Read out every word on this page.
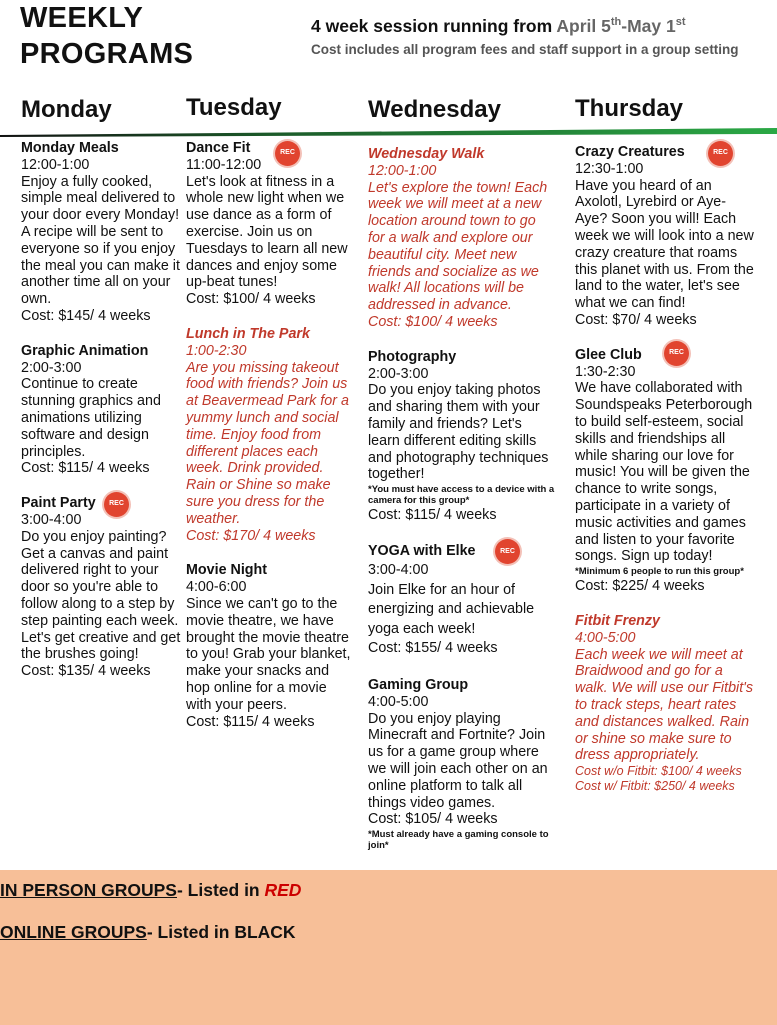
WEEKLY
PROGRAMS
4 week session running from April 5th-May 1st
Cost includes all program fees and staff support in a group setting
Monday	Tuesday	Wednesday	Thursday
Monday Meals
12:00-1:00
Enjoy a fully cooked, simple meal delivered to your door every Monday! A recipe will be sent to everyone so if you enjoy the meal you can make it another time all on your own.
Cost: $145/ 4 weeks
Graphic Animation
2:00-3:00
Continue to create stunning graphics and animations utilizing software and design principles.
Cost: $115/ 4 weeks
Paint Party	REC
3:00-4:00
Do you enjoy painting? Get a canvas and paint delivered right to your door so you're able to follow along to a step by step painting each week. Let's get creative and get the brushes going!
Cost: $135/ 4 weeks
Dance Fit	REC
11:00-12:00
Let's look at fitness in a whole new light when we use dance as a form of exercise. Join us on Tuesdays to learn all new dances and enjoy some up-beat tunes!
Cost: $100/ 4 weeks
Lunch in The Park
1:00-2:30
Are you missing takeout food with friends? Join us at Beavermead Park for a yummy lunch and social time. Enjoy food from different places each week. Drink provided. Rain or Shine so make sure you dress for the weather.
Cost: $170/ 4 weeks
Movie Night
4:00-6:00
Since we can't go to the movie theatre, we have brought the movie theatre to you! Grab your blanket, make your snacks and hop online for a movie with your peers.
Cost: $115/ 4 weeks
Wednesday Walk
12:00-1:00
Let's explore the town! Each week we will meet at a new location around town to go for a walk and explore our beautiful city. Meet new friends and socialize as we walk! All locations will be addressed in advance.
Cost: $100/ 4 weeks
Photography
2:00-3:00
Do you enjoy taking photos and sharing them with your family and friends? Let's learn different editing skills and photography techniques together!
*You must have access to a device with a camera for this group*
Cost: $115/ 4 weeks
YOGA with Elke	REC
3:00-4:00
Join Elke for an hour of energizing and achievable yoga each week!
Cost: $155/ 4 weeks
Gaming Group
4:00-5:00
Do you enjoy playing Minecraft and Fortnite? Join us for a game group where we will join each other on an online platform to talk all things video games.
Cost: $105/ 4 weeks
*Must already have a gaming console to join*
Crazy Creatures	REC
12:30-1:00
Have you heard of an Axolotl, Lyrebird or Aye-Aye? Soon you will! Each week we will look into a new crazy creature that roams this planet with us. From the land to the water, let's see what we can find!
Cost: $70/ 4 weeks
Glee Club	REC
1:30-2:30
We have collaborated with Soundspeaks Peterborough to build self-esteem, social skills and friendships all while sharing our love for music! You will be given the chance to write songs, participate in a variety of music activities and games and listen to your favorite songs. Sign up today!
*Minimum 6 people to run this group*
Cost: $225/ 4 weeks
Fitbit Frenzy
4:00-5:00
Each week we will meet at Braidwood and go for a walk. We will use our Fitbit's to track steps, heart rates and distances walked. Rain or shine so make sure to dress appropriately.
Cost w/o Fitbit: $100/ 4 weeks
Cost w/ Fitbit: $250/ 4 weeks
IN PERSON GROUPS- Listed in RED
ONLINE GROUPS- Listed in BLACK
